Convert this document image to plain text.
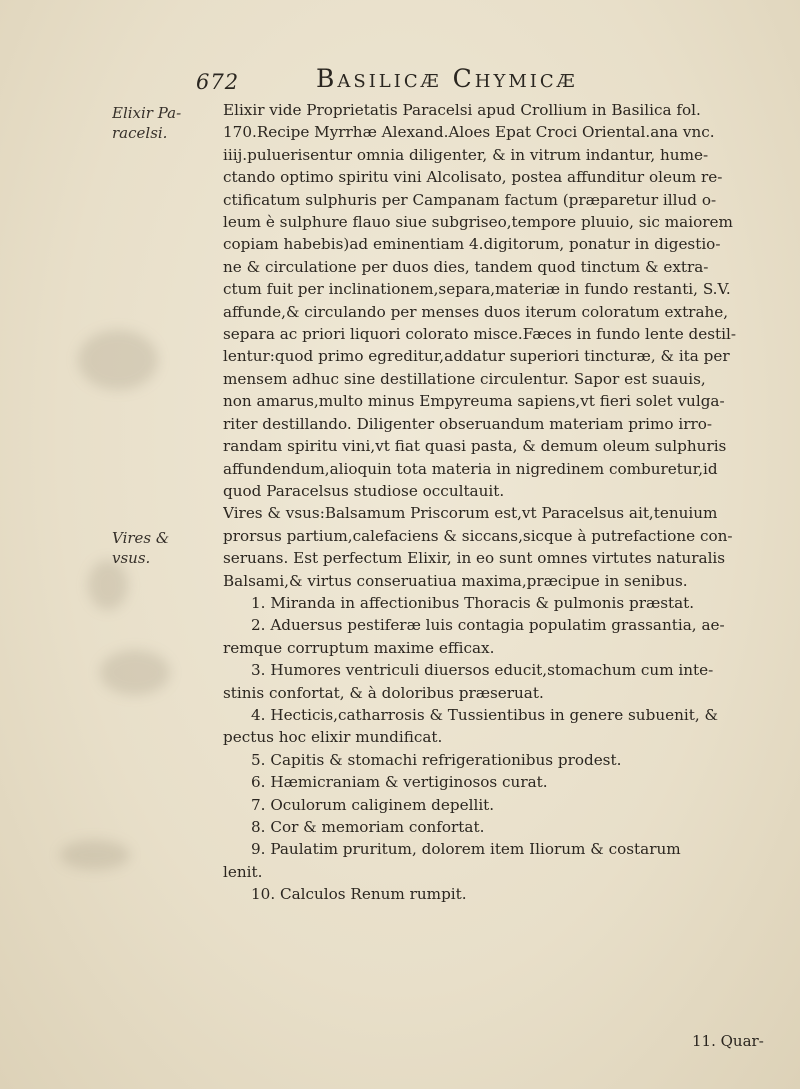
672	Basilicæ Chymicæ
Elixir Pa-
racelsi.
Vires &
vsus.
Elixir vide Proprietatis Paracelsi apud Crollium in Basilica fol.
170.Recipe Myrrhæ Alexand.Aloes Epat Croci Oriental.ana vnc.
iiij.puluerisentur omnia diligenter, & in vitrum indantur, hume-
ctando optimo spiritu vini Alcolisato, postea affunditur oleum re-
ctificatum sulphuris per Campanam factum (præparetur illud o-
leum è sulphure flauo siue subgriseo,tempore pluuio, sic maiorem
copiam habebis)ad eminentiam 4.digitorum, ponatur in digestio-
ne & circulatione per duos dies, tandem quod tinctum & extra-
ctum fuit per inclinationem,separa,materiæ in fundo restanti, S.V.
affunde,& circulando per menses duos iterum coloratum extrahe,
separa ac priori liquori colorato misce.Fæces in fundo lente destil-
lentur:quod primo egreditur,addatur superiori tincturæ, & ita per
mensem adhuc sine destillatione circulentur. Sapor est suauis,
non amarus,multo minus Empyreuma sapiens,vt fieri solet vulga-
riter destillando. Diligenter obseruandum materiam primo irro-
randam spiritu vini,vt fiat quasi pasta, & demum oleum sulphuris
affundendum,alioquin tota materia in nigredinem comburetur,id
quod Paracelsus studiose occultauit.
Vires & vsus:Balsamum Priscorum est,vt Paracelsus ait,tenuium
prorsus partium,calefaciens & siccans,sicque à putrefactione con-
seruans. Est perfectum Elixir, in eo sunt omnes virtutes naturalis
Balsami,& virtus conseruatiua maxima,præcipue in senibus.
1. Miranda in affectionibus Thoracis & pulmonis præstat.
2. Aduersus pestiferæ luis contagia populatim grassantia, ae-
remque corruptum maxime efficax.
3. Humores ventriculi diuersos educit,stomachum cum inte-
stinis confortat, & à doloribus præseruat.
4. Hecticis,catharrosis & Tussientibus in genere subuenit, &
pectus hoc elixir mundificat.
5. Capitis & stomachi refrigerationibus prodest.
6. Hæmicraniam & vertiginosos curat.
7. Oculorum caliginem depellit.
8. Cor & memoriam confortat.
9. Paulatim pruritum, dolorem item Iliorum & costarum
lenit.
10. Calculos Renum rumpit.
11. Quar-
